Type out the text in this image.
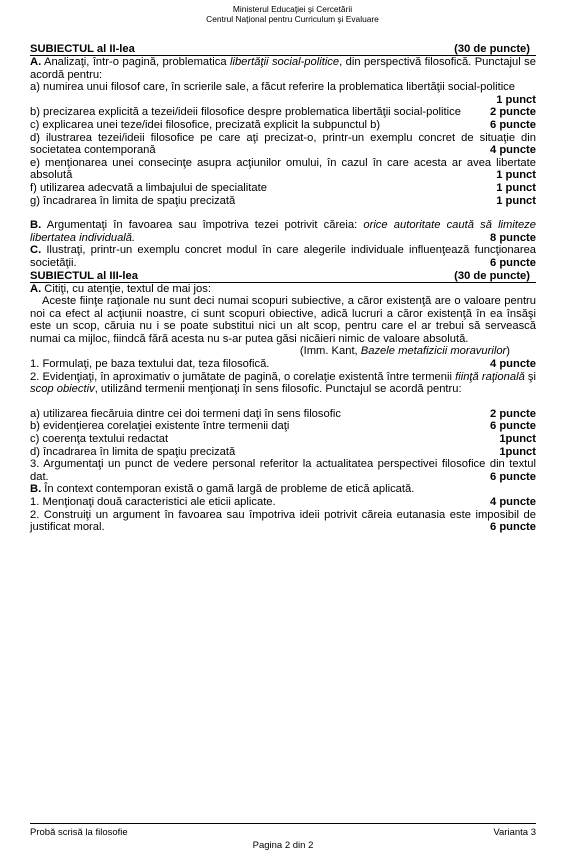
Ministerul Educaţiei şi Cercetării
Centrul Naţional pentru Curriculum şi Evaluare
SUBIECTUL al II-lea	(30 de puncte)

A. Analizaţi, într-o pagină, problematica libertăţii social-politice, din perspectivă filosofică. Punctajul se acordă pentru:

a) numirea unui filosof care, în scrierile sale, a făcut referire la problematica libertăţii social-politice

1 punct

b) precizarea explicită a tezei/ideii filosofice despre problematica libertăţii social-politice	2 puncte
c) explicarea unei teze/idei filosofice, precizată explicit la subpunctul b)	6 puncte

d) ilustrarea tezei/ideii filosofice pe care aţi precizat-o, printr-un exemplu concret de situaţie din societatea contemporană	4 puncte

e) menţionarea unei consecinţe asupra acţiunilor omului, în cazul în care acesta ar avea libertate absolută	1 punct

f) utilizarea adecvată a limbajului de specialitate	1 punct
g) încadrarea în limita de spaţiu precizată	1 punct

B. Argumentaţi în favoarea sau împotriva tezei potrivit căreia: orice autoritate caută să limiteze libertatea individuală.	8 puncte

C. Ilustraţi, printr-un exemplu concret modul în care alegerile individuale influenţează funcţionarea societăţii.	6 puncte

SUBIECTUL al III-lea	(30 de puncte)

A. Citiţi, cu atenţie, textul de mai jos:

Aceste fiinţe raţionale nu sunt deci numai scopuri subiective, a căror existenţă are o valoare pentru noi ca efect al acţiunii noastre, ci sunt scopuri obiective, adică lucruri a căror existenţă în ea însăşi este un scop, căruia nu i se poate substitui nici un alt scop, pentru care el ar trebui să servească numai ca mijloc, fiindcă fără acesta nu s-ar putea găsi nicăieri nimic de valoare absolută.

(Imm. Kant, Bazele metafizicii moravurilor)

1. Formulaţi, pe baza textului dat, teza filosofică.	4 puncte

2. Evidenţiaţi, în aproximativ o jumătate de pagină, o corelaţie existentă între termenii fiinţă raţională şi scop obiectiv, utilizând termenii menţionaţi în sens filosofic. Punctajul se acordă pentru:

a) utilizarea fiecăruia dintre cei doi termeni daţi în sens filosofic	2 puncte
b) evidenţierea corelaţiei existente între termenii daţi	6 puncte
c) coerenţa textului redactat	1punct
d) încadrarea în limita de spaţiu precizată	1punct

3. Argumentaţi un punct de vedere personal referitor la actualitatea perspectivei filosofice din textul dat.	6 puncte

B. În context contemporan există o gamă largă de probleme de etică aplicată.

1. Menţionaţi două caracteristici ale eticii aplicate.	4 puncte

2. Construiţi un argument în favoarea sau împotriva ideii potrivit căreia eutanasia este imposibil de justificat moral.	6 puncte

Probă scrisă la filosofie	Varianta 3
Pagina 2 din 2
